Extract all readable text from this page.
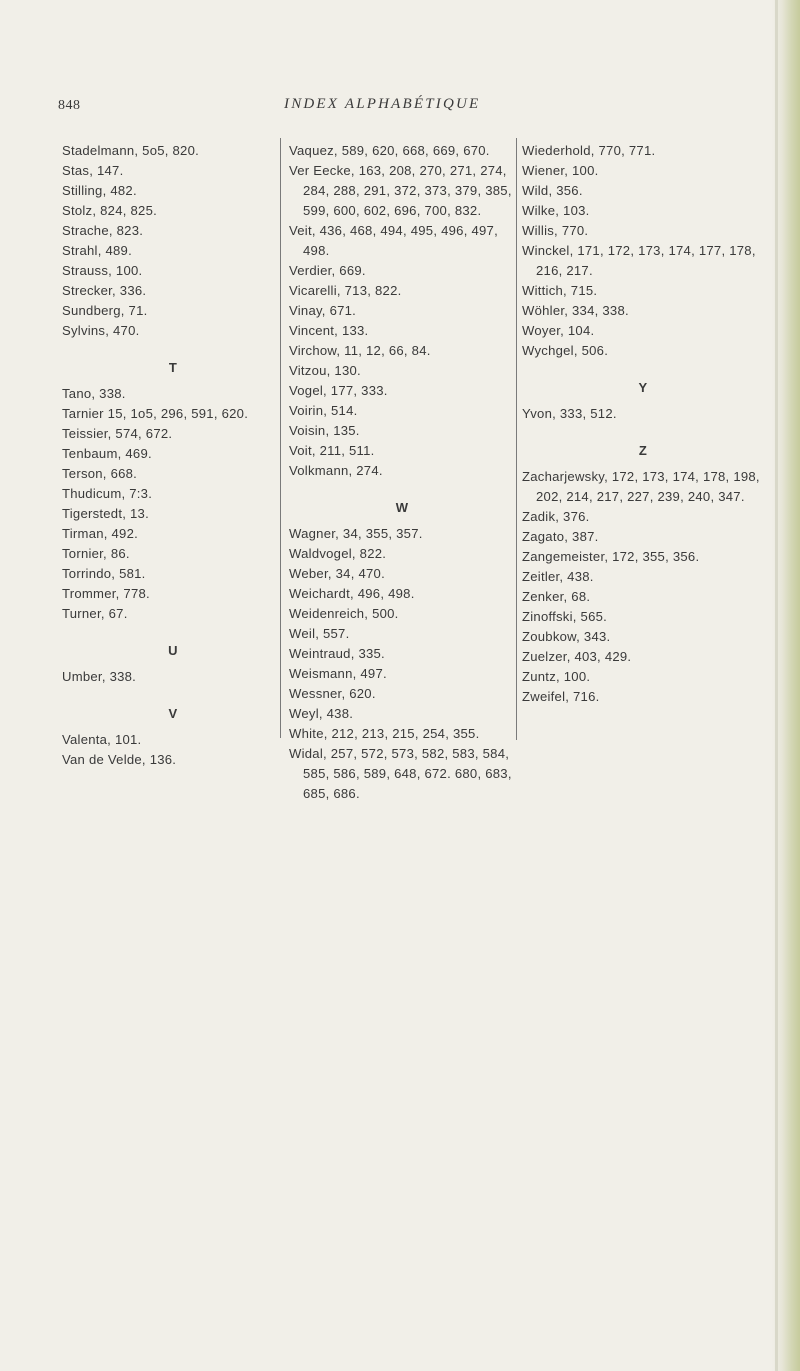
848	INDEX ALPHABÉTIQUE
Stadelmann, 5o5, 820.
Stas, 147.
Stilling, 482.
Stolz, 824, 825.
Strache, 823.
Strahl, 489.
Strauss, 100.
Strecker, 336.
Sundberg, 71.
Sylvins, 470.
T
Tano, 338.
Tarnier 15, 1o5, 296, 591, 620.
Teissier, 574, 672.
Tenbaum, 469.
Terson, 668.
Thudicum, 7:3.
Tigerstedt, 13.
Tirman, 492.
Tornier, 86.
Torrindo, 581.
Trommer, 778.
Turner, 67.
U
Umber, 338.
V
Valenta, 101.
Van de Velde, 136.
Vaquez, 589, 620, 668, 669, 670.
Ver Eecke, 163, 208, 270, 271, 274, 284, 288, 291, 372, 373, 379, 385, 599, 600, 602, 696, 700, 832.
Veit, 436, 468, 494, 495, 496, 497, 498.
Verdier, 669.
Vicarelli, 713, 822.
Vinay, 671.
Vincent, 133.
Virchow, 11, 12, 66, 84.
Vitzou, 130.
Vogel, 177, 333.
Voirin, 514.
Voisin, 135.
Voit, 211, 511.
Volkmann, 274.
W
Wagner, 34, 355, 357.
Waldvogel, 822.
Weber, 34, 470.
Weichardt, 496, 498.
Weidenreich, 500.
Weil, 557.
Weintraud, 335.
Weismann, 497.
Wessner, 620.
Weyl, 438.
White, 212, 213, 215, 254, 355.
Widal, 257, 572, 573, 582, 583, 584, 585, 586, 589, 648, 672. 680, 683, 685, 686.
Wiederhold, 770, 771.
Wiener, 100.
Wild, 356.
Wilke, 103.
Willis, 770.
Winckel, 171, 172, 173, 174, 177, 178, 216, 217.
Wittich, 715.
Wöhler, 334, 338.
Woyer, 104.
Wychgel, 506.
Y
Yvon, 333, 512.
Z
Zacharjewsky, 172, 173, 174, 178, 198, 202, 214, 217, 227, 239, 240, 347.
Zadik, 376.
Zagato, 387.
Zangemeister, 172, 355, 356.
Zeitler, 438.
Zenker, 68.
Zinoffski, 565.
Zoubkow, 343.
Zuelzer, 403, 429.
Zuntz, 100.
Zweifel, 716.
